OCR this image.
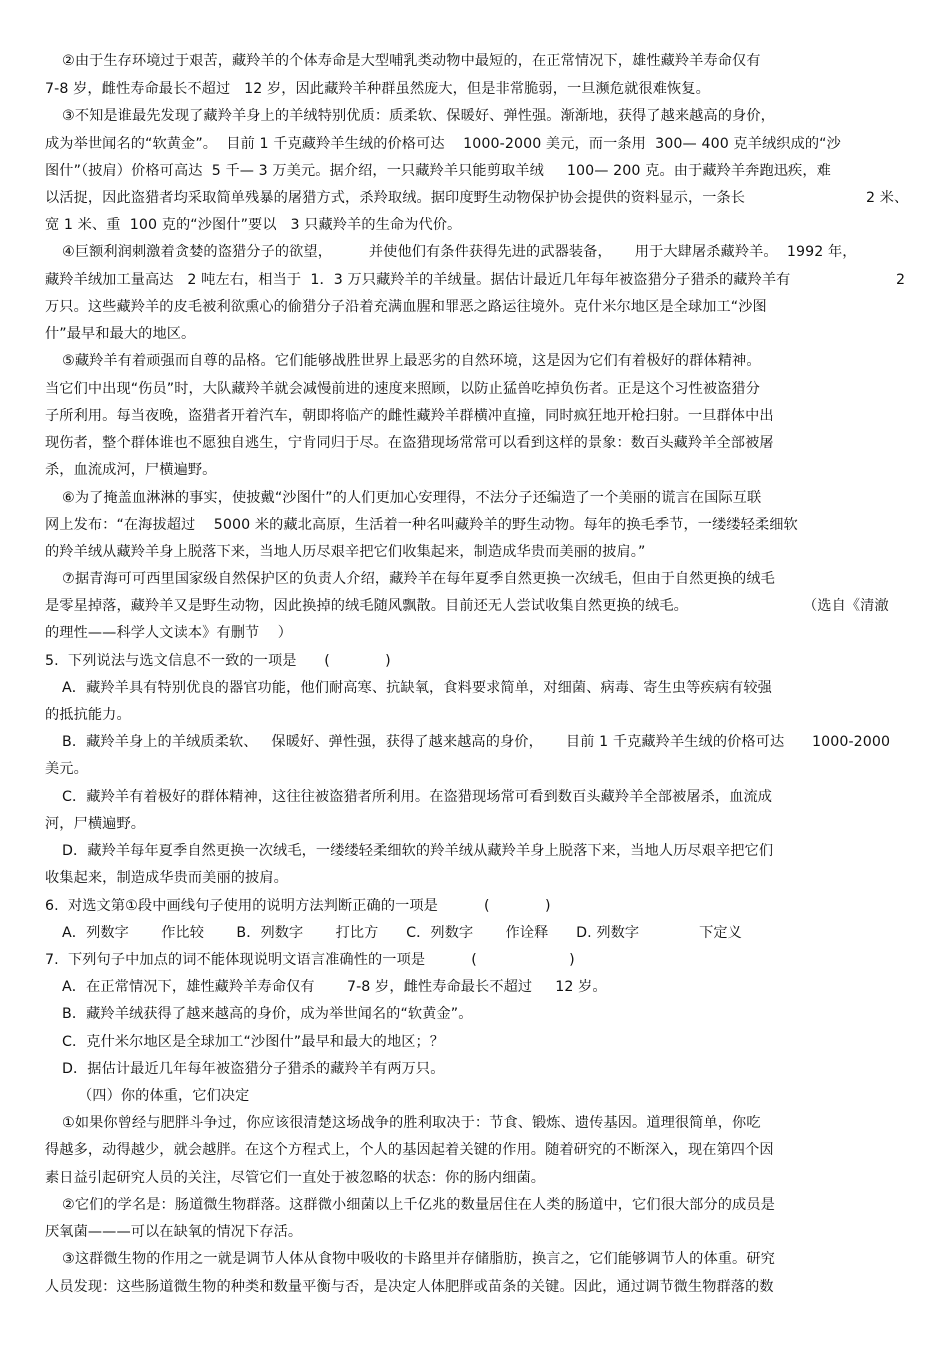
②由于生存环境过于艰苦，藏羚羊的个体寿命是大型哺乳类动物中最短的，在正常情况下，雄性藏羚羊寿命仅有
7-8 岁，雌性寿命最长不超过   12 岁，因此藏羚羊种群虽然庞大，但是非常脆弱，一旦濒危就很难恢复。
③不知是谁最先发现了藏羚羊身上的羊绒特别优质：质柔软、保暖好、弹性强。渐渐地，获得了越来越高的身价，
成为举世闻名的“软黄金”。  目前 1 千克藏羚羊生绒的价格可达    1000-2000 美元，而一条用  300— 400 克羊绒织成的“沙
图什”（披肩）价格可高达  5 千— 3 万美元。据介绍，一只藏羚羊只能剪取羊绒     100— 200 克。由于藏羚羊奔跑迅疾，难
以活捉，因此盗猎者均采取简单残暴的屠猎方式，杀羚取绒。据印度野生动物保护协会提供的资料显示，一条长	2 米、
宽 1 米、重  100 克的“沙图什”要以   3 只藏羚羊的生命为代价。
④巨额利润刺激着贪婪的盗猎分子的欲望，        并使他们有条件获得先进的武器装备，     用于大肆屠杀藏羚羊。  1992 年，
藏羚羊绒加工量高达   2 吨左右，相当于  1．3 万只藏羚羊的羊绒量。据估计最近几年每年被盗猎分子猎杀的藏羚羊有	2
万只。这些藏羚羊的皮毛被利欲熏心的偷猎分子沿着充满血腥和罪恶之路运往境外。克什米尔地区是全球加工“沙图
什”最早和最大的地区。
⑤藏羚羊有着顽强而自尊的品格。它们能够战胜世界上最恶劣的自然环境，这是因为它们有着极好的群体精神。
当它们中出现“伤员”时，大队藏羚羊就会减慢前进的速度来照顾，以防止猛兽吃掉负伤者。正是这个习性被盗猎分
子所利用。每当夜晚，盗猎者开着汽车，朝即将临产的雌性藏羚羊群横冲直撞，同时疯狂地开枪扫射。一旦群体中出
现伤者，整个群体谁也不愿独自逃生，宁肯同归于尽。在盗猎现场常常可以看到这样的景象：数百头藏羚羊全部被屠
杀，血流成河，尸横遍野。
⑥为了掩盖血淋淋的事实，使披戴“沙图什”的人们更加心安理得，不法分子还编造了一个美丽的谎言在国际互联
网上发布：“在海拔超过    5000 米的藏北高原，生活着一种名叫藏羚羊的野生动物。每年的换毛季节，一缕缕轻柔细软
的羚羊绒从藏羚羊身上脱落下来，当地人历尽艰辛把它们收集起来，制造成华贵而美丽的披肩。”
⑦据青海可可西里国家级自然保护区的负责人介绍，藏羚羊在每年夏季自然更换一次绒毛，但由于自然更换的绒毛
是零星掉落，藏羚羊又是野生动物，因此换掉的绒毛随风飘散。目前还无人尝试收集自然更换的绒毛。	（选自《清澈
的理性——科学人文读本》有删节    ）
5.  下列说法与选文信息不一致的一项是      (            )
A．藏羚羊具有特别优良的器官功能，他们耐高寒、抗缺氧，食料要求简单，对细菌、病毒、寄生虫等疾病有较强
的抵抗能力。
B．藏羚羊身上的羊绒质柔软、   保暖好、弹性强，获得了越来越高的身价，     目前 1 千克藏羚羊生绒的价格可达      1000-2000
美元。
C．藏羚羊有着极好的群体精神，这往往被盗猎者所利用。在盗猎现场常可看到数百头藏羚羊全部被屠杀，血流成
河，尸横遍野。
D．藏羚羊每年夏季自然更换一次绒毛，一缕缕轻柔细软的羚羊绒从藏羚羊身上脱落下来，当地人历尽艰辛把它们
收集起来，制造成华贵而美丽的披肩。
6.  对选文第①段中画线句子使用的说明方法判断正确的一项是          (            )
A．列数字       作比较       B．列数字       打比方      C．列数字       作诠释      D. 列数字             下定义
7.  下列句子中加点的词不能体现说明文语言准确性的一项是          (                    )
A．在正常情况下，雄性藏羚羊寿命仅有       7-8 岁，雌性寿命最长不超过     12 岁。
B．藏羚羊绒获得了越来越高的身价，成为举世闻名的“软黄金”。
C．克什米尔地区是全球加工“沙图什”最早和最大的地区；？
D．据估计最近几年每年被盗猎分子猎杀的藏羚羊有两万只。
（四）你的体重，它们决定
①如果你曾经与肥胖斗争过，你应该很清楚这场战争的胜利取决于：节食、锻炼、遗传基因。道理很简单，你吃
得越多，动得越少，就会越胖。在这个方程式上，个人的基因起着关键的作用。随着研究的不断深入，现在第四个因
素日益引起研究人员的关注，尽管它们一直处于被忽略的状态：你的肠内细菌。
②它们的学名是：肠道微生物群落。这群微小细菌以上千亿兆的数量居住在人类的肠道中，它们很大部分的成员是
厌氧菌———可以在缺氧的情况下存活。
③这群微生物的作用之一就是调节人体从食物中吸收的卡路里并存储脂肪，换言之，它们能够调节人的体重。研究
人员发现：这些肠道微生物的种类和数量平衡与否，是决定人体肥胖或苗条的关键。因此，通过调节微生物群落的数
